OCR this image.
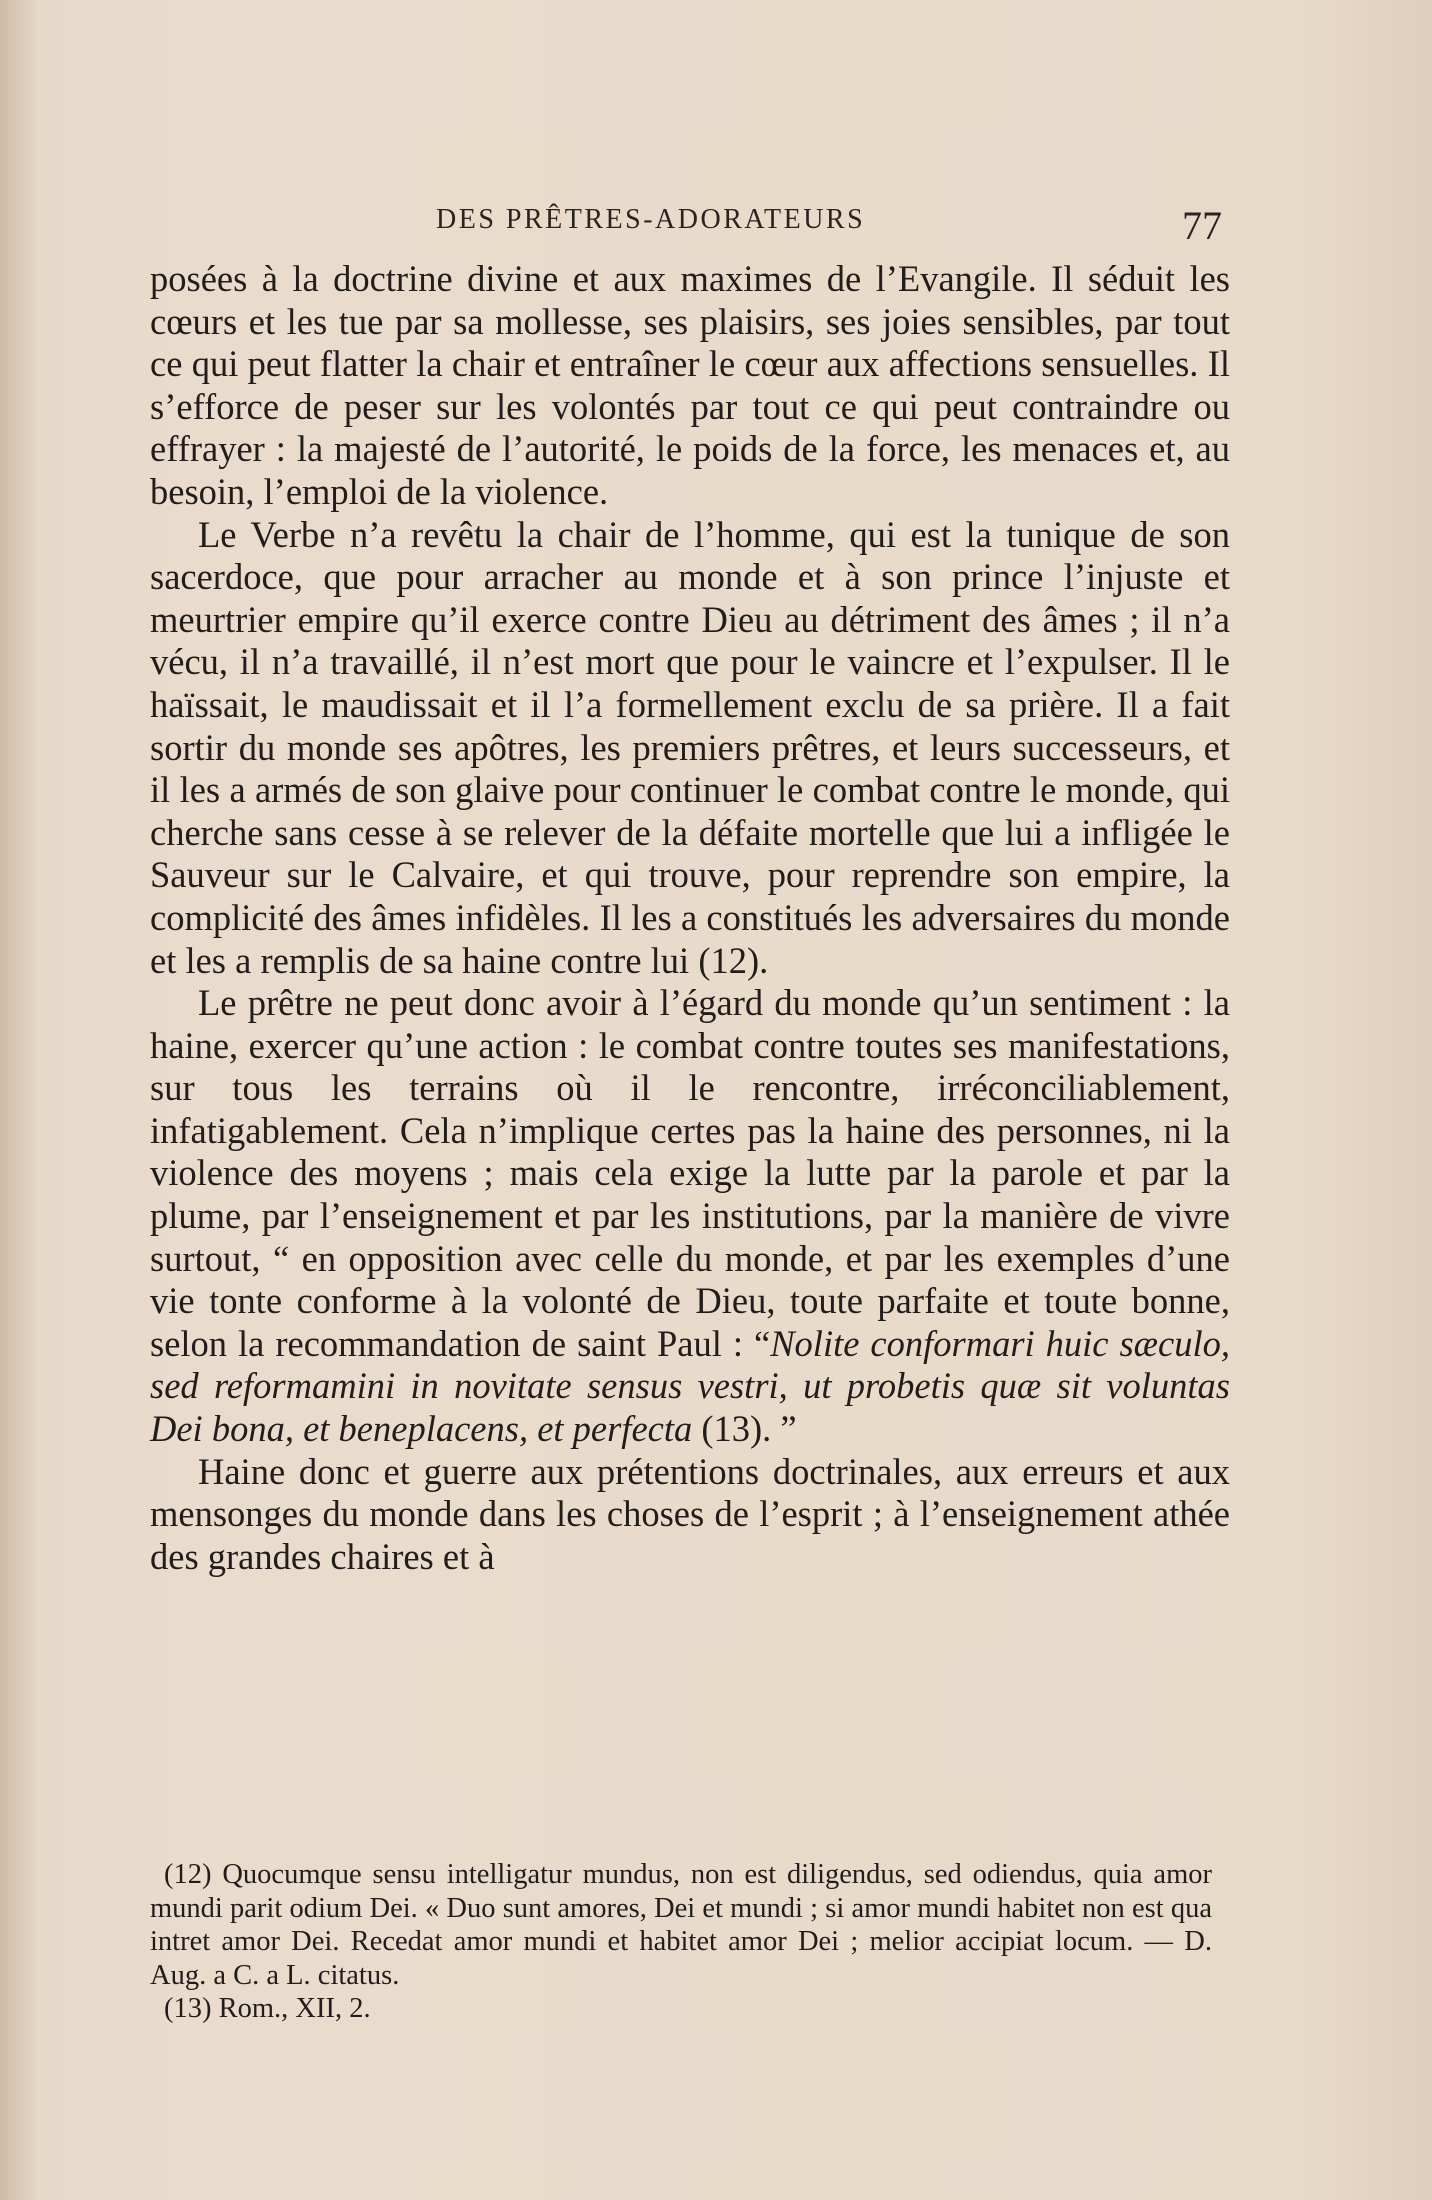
DES PRÊTRES-ADORATEURS	77

posées à la doctrine divine et aux maximes de l’Evangile. Il séduit les cœurs et les tue par sa mollesse, ses plaisirs, ses joies sensibles, par tout ce qui peut flatter la chair et entraîner le cœur aux affections sensuelles. Il s’efforce de peser sur les volontés par tout ce qui peut contraindre ou effrayer : la majesté de l’autorité, le poids de la force, les menaces et, au besoin, l’emploi de la violence.

Le Verbe n’a revêtu la chair de l’homme, qui est la tunique de son sacerdoce, que pour arracher au monde et à son prince l’injuste et meurtrier empire qu’il exerce contre Dieu au détriment des âmes ; il n’a vécu, il n’a travaillé, il n’est mort que pour le vaincre et l’expulser. Il le haïssait, le maudissait et il l’a formellement exclu de sa prière. Il a fait sortir du monde ses apôtres, les premiers prêtres, et leurs successeurs, et il les a armés de son glaive pour continuer le combat contre le monde, qui cherche sans cesse à se relever de la défaite mortelle que lui a infligée le Sauveur sur le Calvaire, et qui trouve, pour reprendre son empire, la complicité des âmes infidèles. Il les a constitués les adversaires du monde et les a remplis de sa haine contre lui (12).

Le prêtre ne peut donc avoir à l’égard du monde qu’un sentiment : la haine, exercer qu’une action : le combat contre toutes ses manifestations, sur tous les terrains où il le rencontre, irréconciliablement, infatigablement. Cela n’implique certes pas la haine des personnes, ni la violence des moyens ; mais cela exige la lutte par la parole et par la plume, par l’enseignement et par les institutions, par la manière de vivre surtout, “ en opposition avec celle du monde, et par les exemples d’une vie tonte conforme à la volonté de Dieu, toute parfaite et toute bonne, selon la recommandation de saint Paul : “Nolite conformari huic sæculo, sed reformamini in novitate sensus vestri, ut probetis quæ sit voluntas Dei bona, et beneplacens, et perfecta (13). ”

Haine donc et guerre aux prétentions doctrinales, aux erreurs et aux mensonges du monde dans les choses de l’esprit ; à l’enseignement athée des grandes chaires et à

(12) Quocumque sensu intelligatur mundus, non est diligendus, sed odiendus, quia amor mundi parit odium Dei. « Duo sunt amores, Dei et mundi ; si amor mundi habitet non est qua intret amor Dei. Recedat amor mundi et habitet amor Dei ; melior accipiat locum. — D. Aug. a C. a L. citatus.

(13) Rom., XII, 2.
